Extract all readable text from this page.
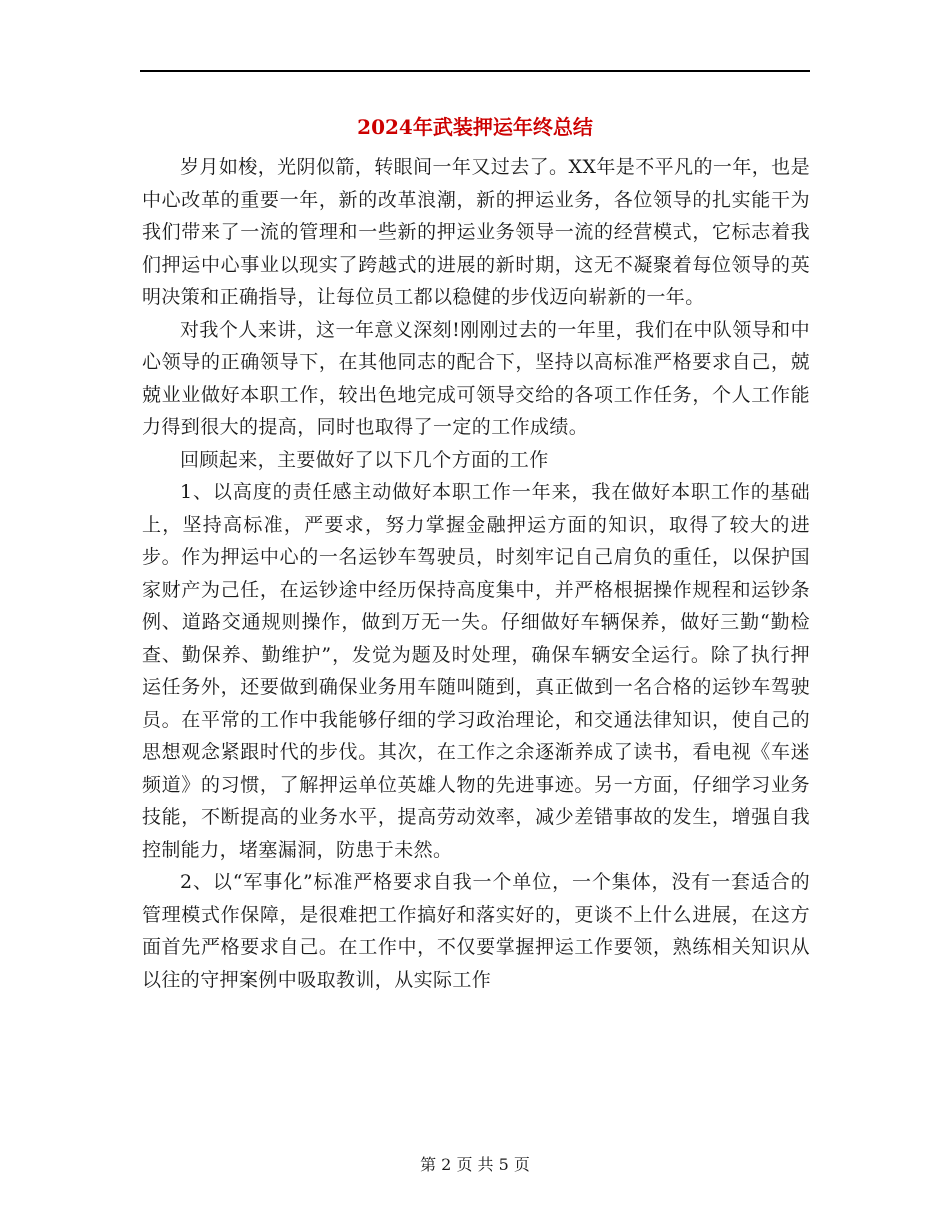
2024年武装押运年终总结

岁月如梭，光阴似箭，转眼间一年又过去了。XX年是不平凡的一年，也是中心改革的重要一年，新的改革浪潮，新的押运业务，各位领导的扎实能干为我们带来了一流的管理和一些新的押运业务领导一流的经营模式，它标志着我们押运中心事业以现实了跨越式的进展的新时期，这无不凝聚着每位领导的英明决策和正确指导，让每位员工都以稳健的步伐迈向崭新的一年。

对我个人来讲，这一年意义深刻!刚刚过去的一年里，我们在中队领导和中心领导的正确领导下，在其他同志的配合下，坚持以高标准严格要求自己，兢兢业业做好本职工作，较出色地完成可领导交给的各项工作任务，个人工作能力得到很大的提高，同时也取得了一定的工作成绩。

回顾起来，主要做好了以下几个方面的工作

1、以高度的责任感主动做好本职工作一年来，我在做好本职工作的基础上，坚持高标准，严要求，努力掌握金融押运方面的知识，取得了较大的进步。作为押运中心的一名运钞车驾驶员，时刻牢记自己肩负的重任，以保护国家财产为己任，在运钞途中经历保持高度集中，并严格根据操作规程和运钞条例、道路交通规则操作，做到万无一失。仔细做好车辆保养，做好三勤“勤检查、勤保养、勤维护”，发觉为题及时处理，确保车辆安全运行。除了执行押运任务外，还要做到确保业务用车随叫随到，真正做到一名合格的运钞车驾驶员。在平常的工作中我能够仔细的学习政治理论，和交通法律知识，使自己的思想观念紧跟时代的步伐。其次，在工作之余逐渐养成了读书，看电视《车迷频道》的习惯，了解押运单位英雄人物的先进事迹。另一方面，仔细学习业务技能，不断提高的业务水平，提高劳动效率，减少差错事故的发生，增强自我控制能力，堵塞漏洞，防患于未然。

2、以“军事化”标准严格要求自我一个单位，一个集体，没有一套适合的管理模式作保障，是很难把工作搞好和落实好的，更谈不上什么进展，在这方面首先严格要求自己。在工作中，不仅要掌握押运工作要领，熟练相关知识从以往的守押案例中吸取教训，从实际工作

第 2 页 共 5 页
